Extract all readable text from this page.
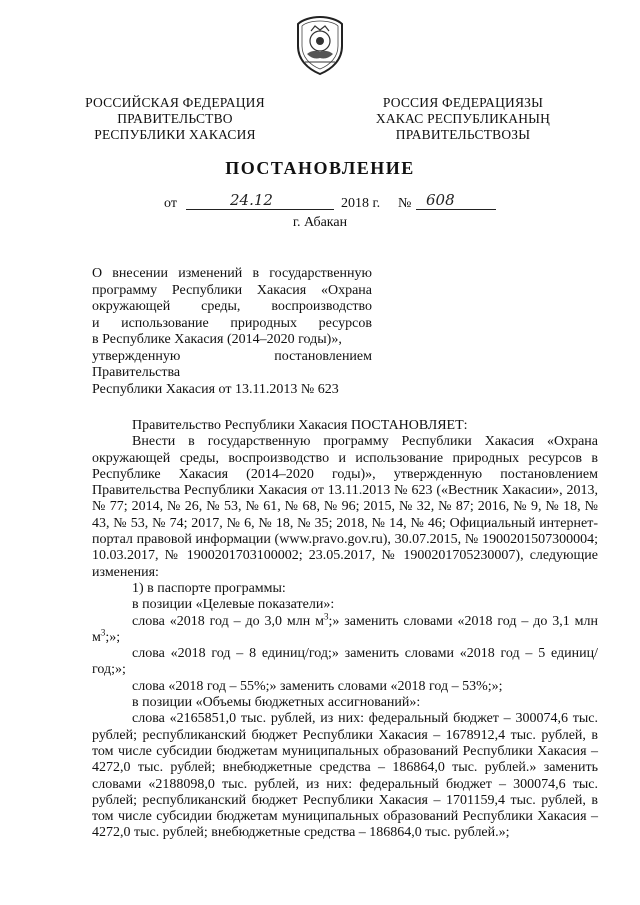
РОССИЙСКАЯ ФЕДЕРАЦИЯ
ПРАВИТЕЛЬСТВО
РЕСПУБЛИКИ ХАКАСИЯ
РОССИЯ ФЕДЕРАЦИЯЗЫ
ХАКАС РЕСПУБЛИКАНЫҢ
ПРАВИТЕЛЬСТВОЗЫ
ПОСТАНОВЛЕНИЕ
от	24.12	2018 г. № 608
г. Абакан
О внесении изменений в государственную
программу Республики Хакасия «Охрана
окружающей среды, воспроизводство
и использование природных ресурсов
в Республике Хакасия (2014–2020 годы)»,
утвержденную постановлением Правительства
Республики Хакасия от 13.11.2013 № 623

Правительство Республики Хакасия ПОСТАНОВЛЯЕТ:

Внести в государственную программу Республики Хакасия «Охрана окружающей среды, воспроизводство и использование природных ресурсов в Республике Хакасия (2014–2020 годы)», утвержденную постановлением Правительства Республики Хакасия от 13.11.2013 № 623 («Вестник Хакасии», 2013, № 77; 2014, № 26, № 53, № 61, № 68, № 96; 2015, № 32, № 87; 2016, № 9, № 18, № 43, № 53, № 74; 2017, № 6, № 18, № 35; 2018, № 14, № 46; Официальный интернет-портал правовой информации (www.pravo.gov.ru), 30.07.2015, № 1900201507300004; 10.03.2017, № 1900201703100002; 23.05.2017, № 1900201705230007), следующие изменения:

1) в паспорте программы:

в позиции «Целевые показатели»:

слова «2018 год – до 3,0 млн $м^3$;» заменить словами «2018 год – до 3,1 млн $м^3$;»;

слова «2018 год – 8 единиц/год;» заменить словами «2018 год – 5 единиц/год;»;

слова «2018 год – 55%;» заменить словами «2018 год – 53%;»;

в позиции «Объемы бюджетных ассигнований»:

слова «2165851,0 тыс. рублей, из них: федеральный бюджет – 300074,6 тыс. рублей; республиканский бюджет Республики Хакасия – 1678912,4 тыс. рублей, в том числе субсидии бюджетам муниципальных образований Республики Хакасия – 4272,0 тыс. рублей; внебюджетные средства – 186864,0 тыс. рублей.» заменить словами «2188098,0 тыс. рублей, из них: федеральный бюджет – 300074,6 тыс. рублей; республиканский бюджет Республики Хакасия – 1701159,4 тыс. рублей, в том числе субсидии бюджетам муниципальных образований Республики Хакасия – 4272,0 тыс. рублей; внебюджетные средства – 186864,0 тыс. рублей.»;
